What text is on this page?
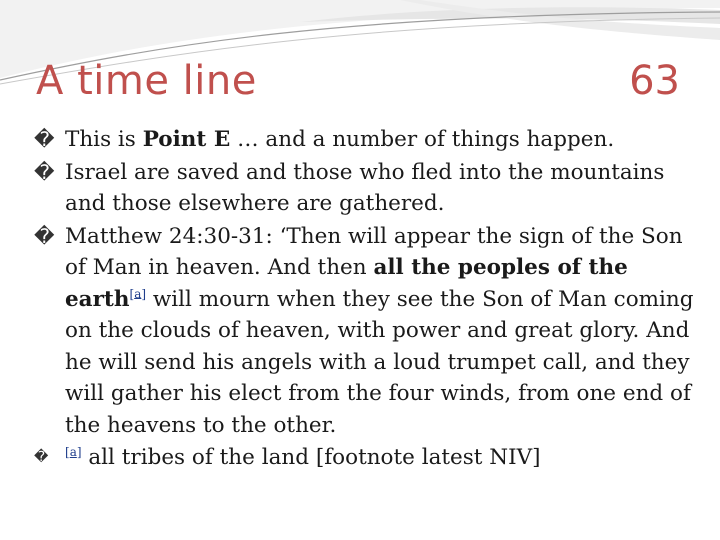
A time line	63
� This is Point E … and a number of things happen.
� Israel are saved and those who fled into the mountains and those elsewhere are gathered.
� Matthew 24:30-31: ‘Then will appear the sign of the Son of Man in heaven. And then all the peoples of the earth[a] will mourn when they see the Son of Man coming on the clouds of heaven, with power and great glory. And he will send his angels with a loud trumpet call, and they will gather his elect from the four winds, from one end of the heavens to the other.
� [a] all tribes of the land [footnote latest NIV]
